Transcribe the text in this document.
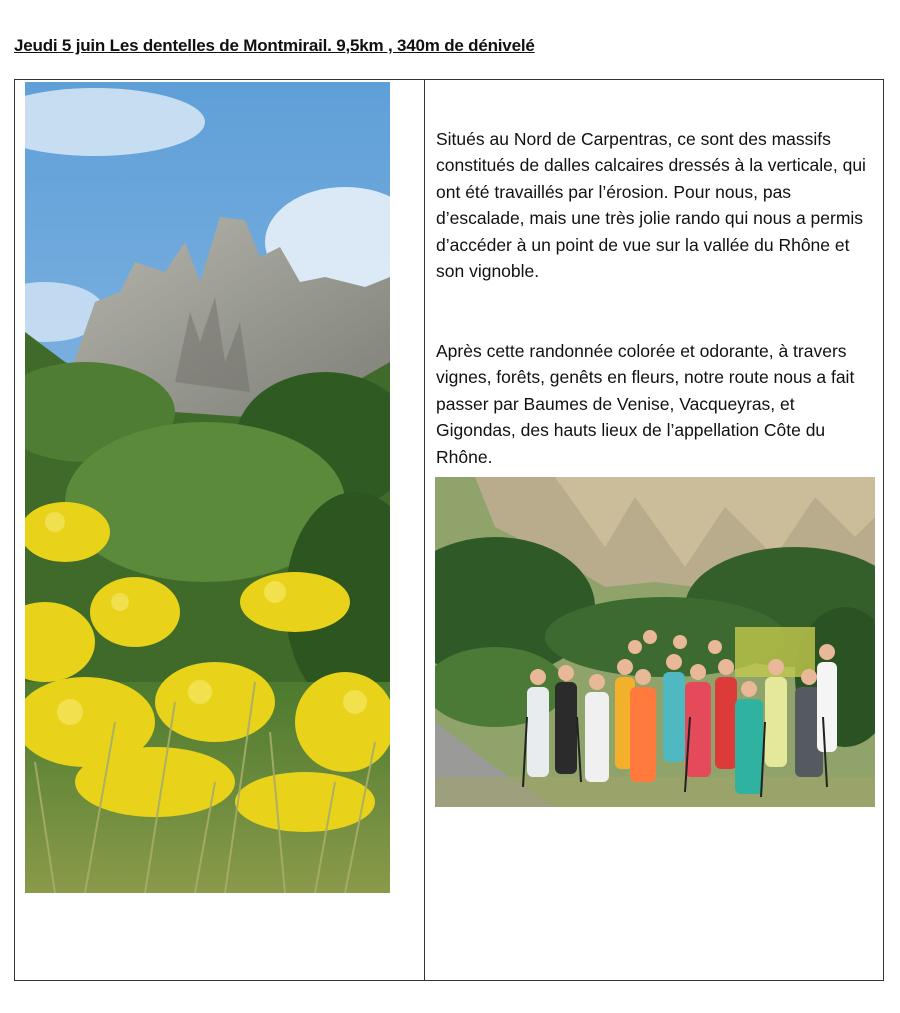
Jeudi 5 juin Les dentelles de Montmirail. 9,5km , 340m de dénivelé

Situés au Nord de Carpentras, ce sont des massifs constitués de dalles calcaires dressés à la verticale, qui ont été travaillés par l’érosion. Pour nous, pas d’escalade, mais une très jolie rando qui nous a permis d’accéder à un point de vue sur la vallée du Rhône et son vignoble.

Après cette randonnée colorée et odorante, à travers vignes, forêts, genêts en fleurs, notre route nous a fait passer par Baumes de Venise, Vacqueyras, et Gigondas, des hauts lieux de l’appellation Côte du Rhône.
